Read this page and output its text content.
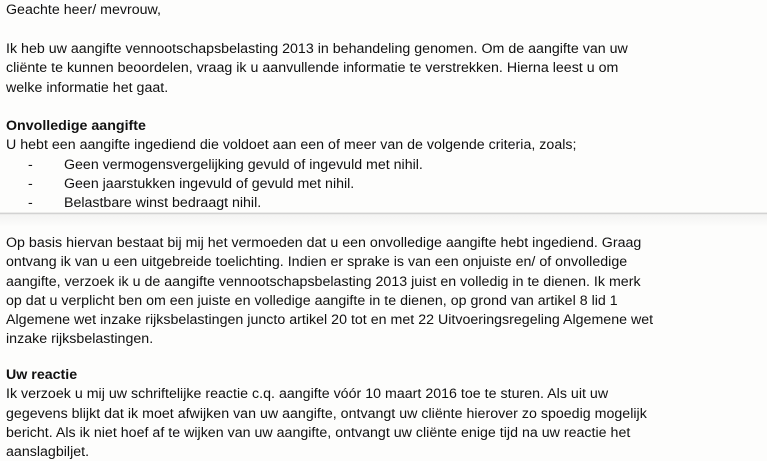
Geachte heer/ mevrouw,
Ik heb uw aangifte vennootschapsbelasting 2013 in behandeling genomen. Om de aangifte van uw
cliënte te kunnen beoordelen, vraag ik u aanvullende informatie te verstrekken. Hierna leest u om
welke informatie het gaat.
Onvolledige aangifte
U hebt een aangifte ingediend die voldoet aan een of meer van de volgende criteria, zoals;
-	Geen vermogensvergelijking gevuld of ingevuld met nihil.
-	Geen jaarstukken ingevuld of gevuld met nihil.
-	Belastbare winst bedraagt nihil.
Op basis hiervan bestaat bij mij het vermoeden dat u een onvolledige aangifte hebt ingediend. Graag
ontvang ik van u een uitgebreide toelichting. Indien er sprake is van een onjuiste en/ of onvolledige
aangifte, verzoek ik u de aangifte vennootschapsbelasting 2013 juist en volledig in te dienen. Ik merk
op dat u verplicht ben om een juiste en volledige aangifte in te dienen, op grond van artikel 8 lid 1
Algemene wet inzake rijksbelastingen juncto artikel 20 tot en met 22 Uitvoeringsregeling Algemene wet
inzake rijksbelastingen.
Uw reactie
Ik verzoek u mij uw schriftelijke reactie c.q. aangifte vóór 10 maart 2016 toe te sturen. Als uit uw
gegevens blijkt dat ik moet afwijken van uw aangifte, ontvangt uw cliënte hierover zo spoedig mogelijk
bericht. Als ik niet hoef af te wijken van uw aangifte, ontvangt uw cliënte enige tijd na uw reactie het
aanslagbiljet.
